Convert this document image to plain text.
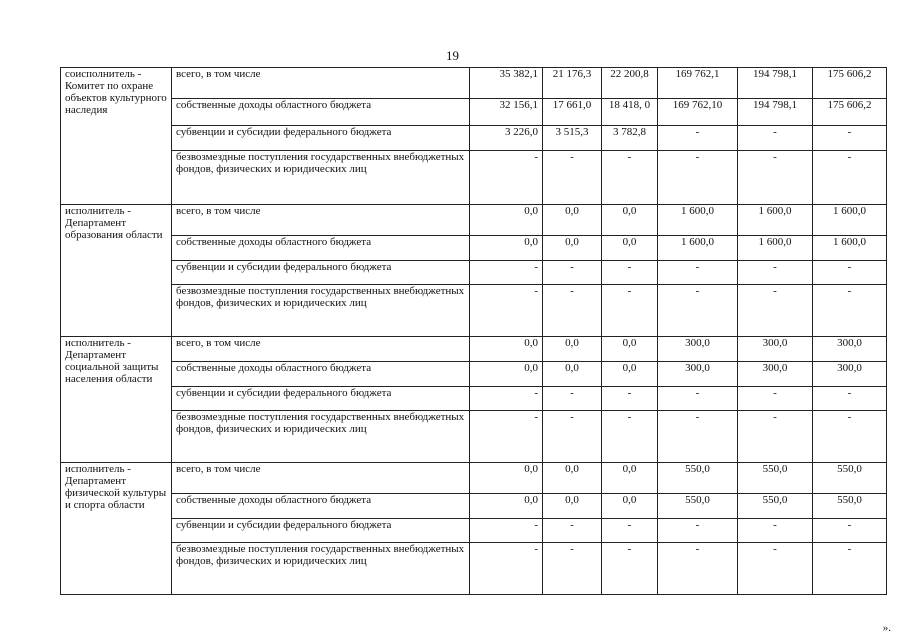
19
соисполнитель - Комитет по охране объектов культурного наследия	всего, в том числе	35 382,1	21 176,3	22 200,8	169 762,1	194 798,1	175 606,2
	собственные доходы областного бюджета	32 156,1	17 661,0	18 418, 0	169 762,10	194 798,1	175 606,2
	субвенции и субсидии федерального бюджета	3 226,0	3 515,3	3 782,8	-	-	-
	безвозмездные поступления государственных внебюджетных фондов, физических и юридических лиц	-	-	-	-	-	-
исполнитель - Департамент образования области	всего, в том числе	0,0	0,0	0,0	1 600,0	1 600,0	1 600,0
	собственные доходы областного бюджета	0,0	0,0	0,0	1 600,0	1 600,0	1 600,0
	субвенции и субсидии федерального бюджета	-	-	-	-	-	-
	безвозмездные поступления государственных внебюджетных фондов, физических и юридических лиц	-	-	-	-	-	-
исполнитель - Департамент социальной защиты населения области	всего, в том числе	0,0	0,0	0,0	300,0	300,0	300,0
	собственные доходы областного бюджета	0,0	0,0	0,0	300,0	300,0	300,0
	субвенции и субсидии федерального бюджета	-	-	-	-	-	-
	безвозмездные поступления государственных внебюджетных фондов, физических и юридических лиц	-	-	-	-	-	-
исполнитель - Департамент физической культуры и спорта области	всего, в том числе	0,0	0,0	0,0	550,0	550,0	550,0
	собственные доходы областного бюджета	0,0	0,0	0,0	550,0	550,0	550,0
	субвенции и субсидии федерального бюджета	-	-	-	-	-	-
	безвозмездные поступления государственных внебюджетных фондов, физических и юридических лиц	-	-	-	-	-	-
».
